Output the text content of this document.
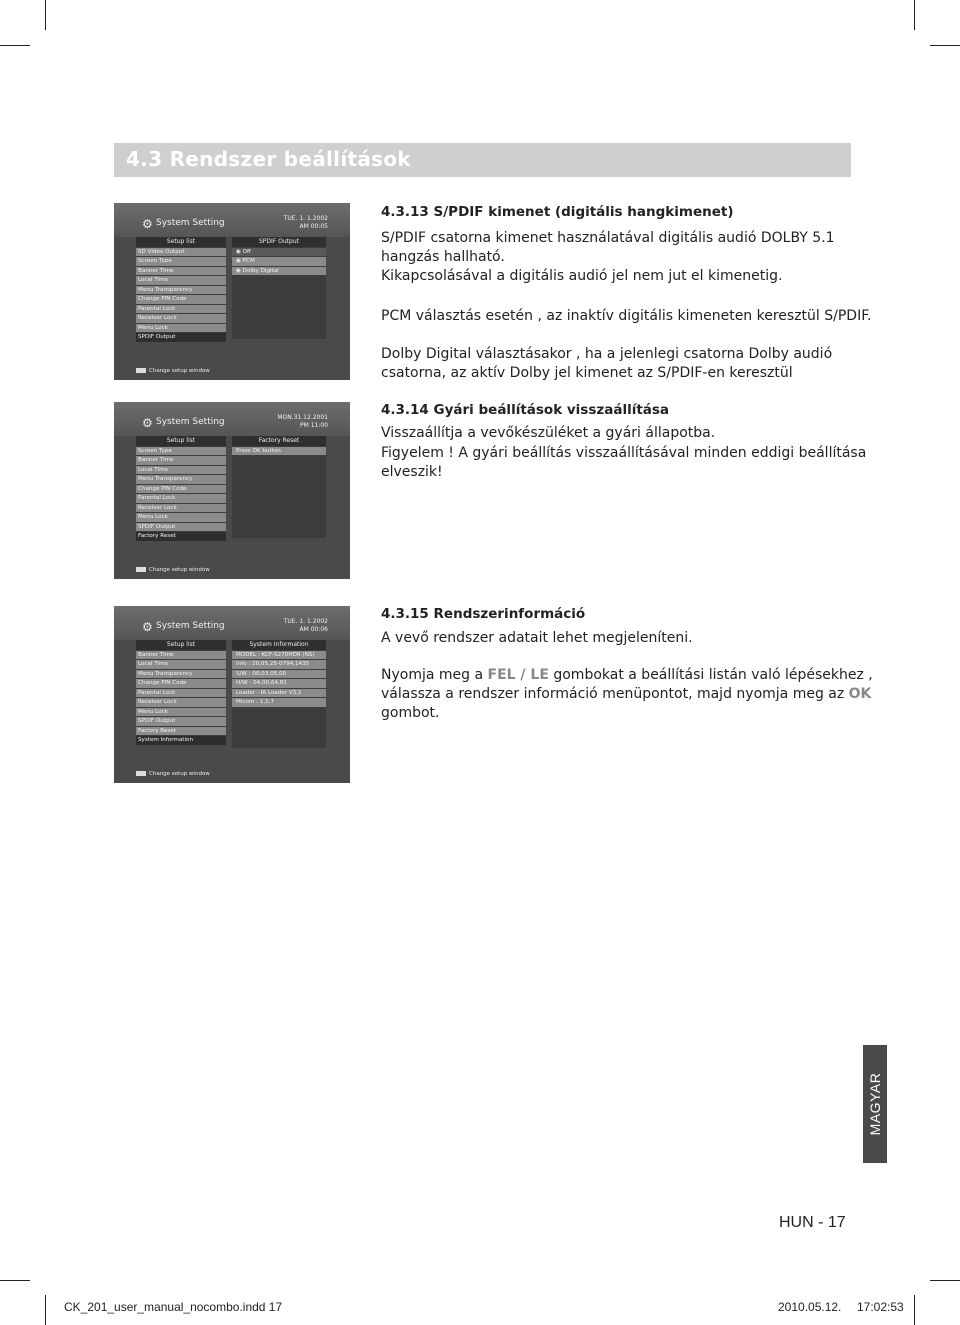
4.3 Rendszer beállítások
⚙ System Setting	TUE. 1. 1.2002
AM 00:05
Setup list
SD Video Output
Screen Type
Banner Time
Local Time
Menu Transparency
Change PIN Code
Parental Lock
Receiver Lock
Menu Lock
SPDIF Output
SPDIF Output
◉ Off
◉ PCM
◉ Dolby Digital
Change setup window
⚙ System Setting	MON.31.12.2001
PM 11:00
Setup list
Screen Type
Banner Time
Local Time
Menu Transparency
Change PIN Code
Parental Lock
Receiver Lock
Menu Lock
SPDIF Output
Factory Reset
Factory Reset
Press OK button
Change setup window
⚙ System Setting	TUE. 1. 1.2002
AM 00:06
Setup list
Banner Time
Local Time
Menu Transparency
Change PIN Code
Parental Lock
Receiver Lock
Menu Lock
SPDIF Output
Factory Reset
System Information
System Information
MODEL : KCF-S270HDR (NS)
Info : 20,05,25-0794,1435
S/W : 00,03,05,00
H/W : 04,00,64,81
Loader : IA Loader V3,1
Micom : 1,1,7
Change setup window
4.3.13 S/PDIF kimenet (digitális hangkimenet)
S/PDIF csatorna kimenet használatával digitális audió DOLBY 5.1
hangzás hallható.
Kikapcsolásával a digitális audió jel nem jut el kimenetig.
PCM választás esetén , az inaktív digitális kimeneten keresztül S/PDIF.
Dolby Digital választásakor , ha a jelenlegi csatorna Dolby audió
csatorna, az aktív Dolby jel kimenet az S/PDIF-en keresztül
4.3.14 Gyári beállítások visszaállítása
Visszaállítja a vevőkészüléket a gyári állapotba.
Figyelem ! A gyári beállítás visszaállításával minden eddigi beállítása
elveszik!
4.3.15 Rendszerinformáció
A vevő rendszer adatait lehet megjeleníteni.
Nyomja meg a FEL / LE gombokat a beállítási listán való lépésekhez ,
válassza a rendszer információ menüpontot, majd nyomja meg az OK
gombot.
MAGYAR
HUN - 17
CK_201_user_manual_nocombo.indd 17	2010.05.12. 17:02:53
